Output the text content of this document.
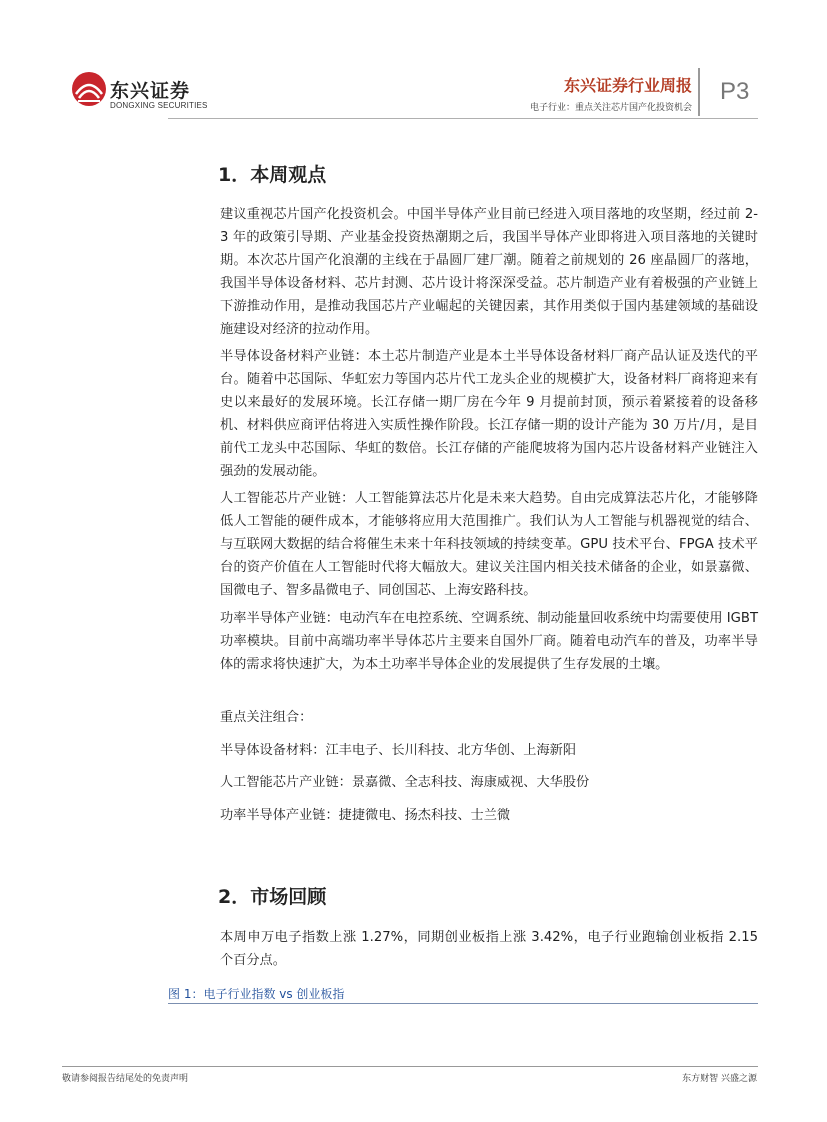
东兴证券
DONGXING SECURITIES
东兴证券行业周报
电子行业：重点关注芯片国产化投资机会
P3
1．本周观点

建议重视芯片国产化投资机会。中国半导体产业目前已经进入项目落地的攻坚期，经过前 2-3 年的政策引导期、产业基金投资热潮期之后，我国半导体产业即将进入项目落地的关键时期。本次芯片国产化浪潮的主线在于晶圆厂建厂潮。随着之前规划的 26 座晶圆厂的落地，我国半导体设备材料、芯片封测、芯片设计将深深受益。芯片制造产业有着极强的产业链上下游推动作用，是推动我国芯片产业崛起的关键因素，其作用类似于国内基建领域的基础设施建设对经济的拉动作用。

半导体设备材料产业链：本土芯片制造产业是本土半导体设备材料厂商产品认证及迭代的平台。随着中芯国际、华虹宏力等国内芯片代工龙头企业的规模扩大，设备材料厂商将迎来有史以来最好的发展环境。长江存储一期厂房在今年 9 月提前封顶，预示着紧接着的设备移机、材料供应商评估将进入实质性操作阶段。长江存储一期的设计产能为 30 万片/月，是目前代工龙头中芯国际、华虹的数倍。长江存储的产能爬坡将为国内芯片设备材料产业链注入强劲的发展动能。

人工智能芯片产业链：人工智能算法芯片化是未来大趋势。自由完成算法芯片化，才能够降低人工智能的硬件成本，才能够将应用大范围推广。我们认为人工智能与机器视觉的结合、与互联网大数据的结合将催生未来十年科技领域的持续变革。GPU 技术平台、FPGA 技术平台的资产价值在人工智能时代将大幅放大。建议关注国内相关技术储备的企业，如景嘉微、国微电子、智多晶微电子、同创国芯、上海安路科技。

功率半导体产业链：电动汽车在电控系统、空调系统、制动能量回收系统中均需要使用 IGBT 功率模块。目前中高端功率半导体芯片主要来自国外厂商。随着电动汽车的普及，功率半导体的需求将快速扩大，为本土功率半导体企业的发展提供了生存发展的土壤。

重点关注组合：
半导体设备材料：江丰电子、长川科技、北方华创、上海新阳
人工智能芯片产业链：景嘉微、全志科技、海康威视、大华股份
功率半导体产业链：捷捷微电、扬杰科技、士兰微
2．市场回顾

本周申万电子指数上涨 1.27%，同期创业板指上涨 3.42%，电子行业跑输创业板指 2.15 个百分点。

图 1：电子行业指数 vs 创业板指
敬请参阅报告结尾处的免责声明	东方财智 兴盛之源
